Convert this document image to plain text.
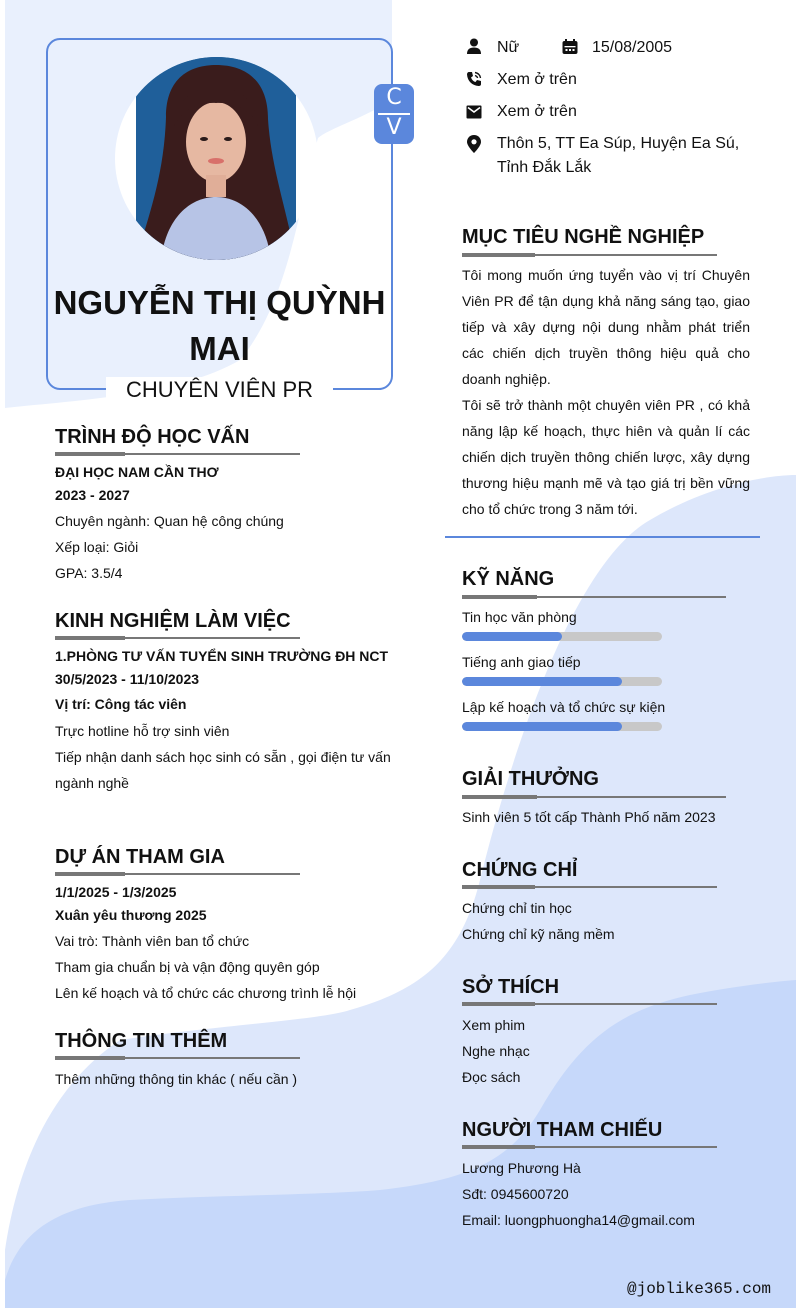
C
V
NGUYỄN THỊ QUỲNH MAI
CHUYÊN VIÊN PR
Nữ	15/08/2005
Xem ở trên
Xem ở trên
Thôn 5, TT Ea Súp, Huyện Ea Sú,
Tỉnh Đắk Lắk
TRÌNH ĐỘ HỌC VẤN
ĐẠI HỌC NAM CẦN THƠ
2023 - 2027
Chuyên ngành: Quan hệ công chúng
Xếp loại: Giỏi
GPA: 3.5/4
KINH NGHIỆM LÀM VIỆC
1.PHÒNG TƯ VẤN TUYỂN SINH TRƯỜNG ĐH NCT
30/5/2023 - 11/10/2023
Vị trí: Công tác viên
Trực hotline hỗ trợ sinh viên
Tiếp nhận danh sách học sinh có sẵn , gọi điện tư vấn
ngành nghề
DỰ ÁN THAM GIA
1/1/2025 - 1/3/2025
Xuân yêu thương 2025
Vai trò: Thành viên ban tổ chức
Tham gia chuẩn bị và vận động quyên góp
Lên kế hoạch và tổ chức các chương trình lễ hội
THÔNG TIN THÊM
Thêm những thông tin khác ( nếu cần )
MỤC TIÊU NGHỀ NGHIỆP
Tôi mong muốn ứng tuyển vào vị trí Chuyên
Viên PR để tận dụng khả năng sáng tạo, giao
tiếp và xây dựng nội dung nhằm phát triển
các chiến dịch truyền thông hiệu quả cho
doanh nghiệp.
Tôi sẽ trở thành một chuyên viên PR , có khả
năng lập kế hoạch, thực hiên và quản lí các
chiến dịch truyền thông chiến lược, xây dựng
thương hiệu mạnh mẽ và tạo giá trị bền vững
cho tổ chức trong 3 năm tới.
KỸ NĂNG
Tin học văn phòng
Tiếng anh giao tiếp
Lập kế hoạch và tổ chức sự kiện
GIẢI THƯỞNG
Sinh viên 5 tốt cấp Thành Phố năm 2023
CHỨNG CHỈ
Chứng chỉ tin học
Chứng chỉ kỹ năng mềm
SỞ THÍCH
Xem phim
Nghe nhạc
Đọc sách
NGƯỜI THAM CHIẾU
Lương Phương Hà
Sđt: 0945600720
Email: luongphuongha14@gmail.com
@joblike365.com
